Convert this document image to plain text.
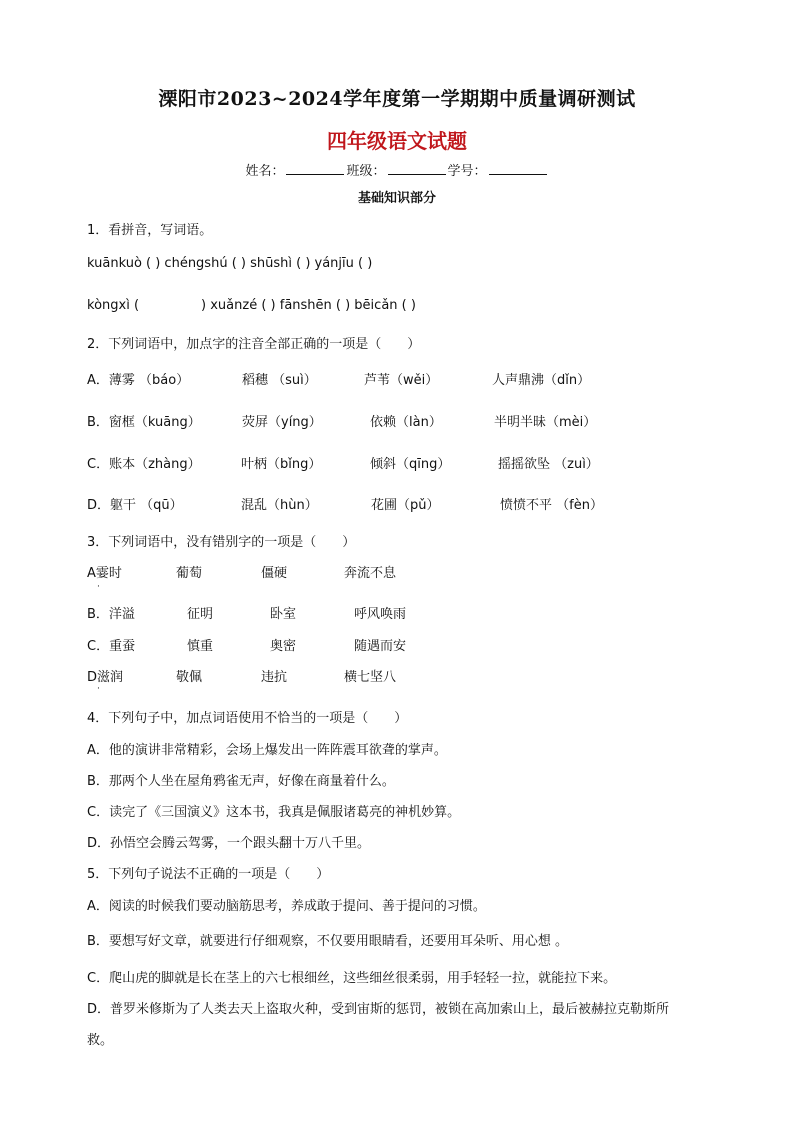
溧阳市2023~2024学年度第一学期期中质量调研测试
四年级语文试题
姓名：	班级：	学号：
基础知识部分
1．看拼音，写词语。
kuānkuò ( ) chéngshú ( ) shūshì ( ) yánjīu ( )
kòngxì (	) xuǎnzé ( ) fānshēn ( ) bēicǎn ( )
2．下列词语中，加点字的注音全部正确的一项是（　　）
A．薄雾 （báo）	稻穗 （suì）	芦苇（wěi）	人声鼎沸（dǐn）
B．窗框（kuāng）	荧屏（yíng）	依赖（làn）	半明半昧（mèi）
C．账本（zhàng）	叶柄（bǐng）	倾斜（qīng）	摇摇欲坠 （zuì）
D．躯干 （qū）	混乱（hùn）	花圃（pǔ）	愤愤不平 （fèn）
3．下列词语中，没有错别字的一项是（　　）
A霎时	葡萄	僵硬	奔流不息
·
B．洋溢	征明	卧室	呼风唤雨
C．重蚕	慎重	奥密	随遇而安
D滋润	敬佩	违抗	横七坚八
·
4．下列句子中，加点词语使用不恰当的一项是（　　）
A．他的演讲非常精彩，会场上爆发出一阵阵震耳欲聋的掌声。
B．那两个人坐在屋角鸦雀无声，好像在商量着什么。
C．读完了《三国演义》这本书，我真是佩服诸葛亮的神机妙算。
D．孙悟空会腾云驾雾，一个跟头翻十万八千里。
5．下列句子说法不正确的一项是（　　）
A．阅读的时候我们要动脑筋思考，养成敢于提问、善于提问的习惯。
B．要想写好文章，就要进行仔细观察，不仅要用眼睛看，还要用耳朵听、用心想 。
C．爬山虎的脚就是长在茎上的六七根细丝，这些细丝很柔弱，用手轻轻一拉，就能拉下来。
D．普罗米修斯为了人类去天上盗取火种，受到宙斯的惩罚，被锁在高加索山上，最后被赫拉克勒斯所
救。
